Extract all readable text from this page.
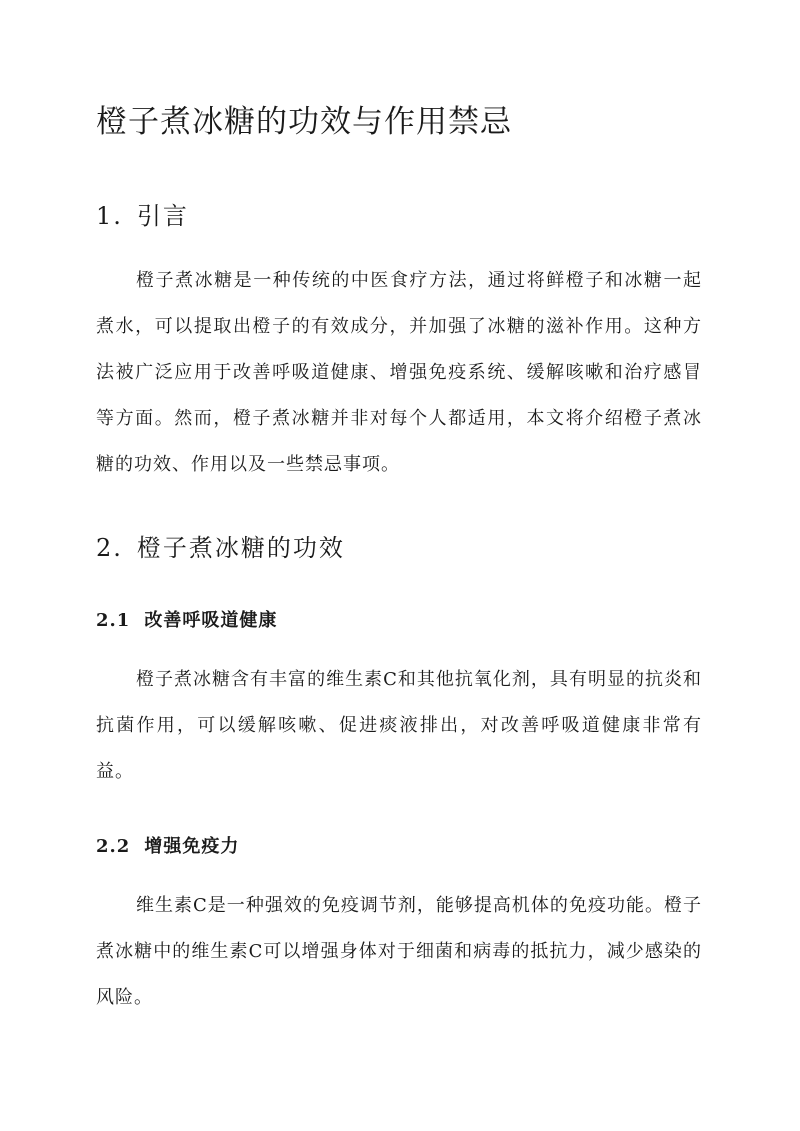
橙子煮冰糖的功效与作用禁忌
1. 引言

橙子煮冰糖是一种传统的中医食疗方法，通过将鲜橙子和冰糖一起煮水，可以提取出橙子的有效成分，并加强了冰糖的滋补作用。这种方法被广泛应用于改善呼吸道健康、增强免疫系统、缓解咳嗽和治疗感冒等方面。然而，橙子煮冰糖并非对每个人都适用，本文将介绍橙子煮冰糖的功效、作用以及一些禁忌事项。

2. 橙子煮冰糖的功效
2.1 改善呼吸道健康

橙子煮冰糖含有丰富的维生素C和其他抗氧化剂，具有明显的抗炎和抗菌作用，可以缓解咳嗽、促进痰液排出，对改善呼吸道健康非常有益。

2.2 增强免疫力

维生素C是一种强效的免疫调节剂，能够提高机体的免疫功能。橙子煮冰糖中的维生素C可以增强身体对于细菌和病毒的抵抗力，减少感染的风险。
